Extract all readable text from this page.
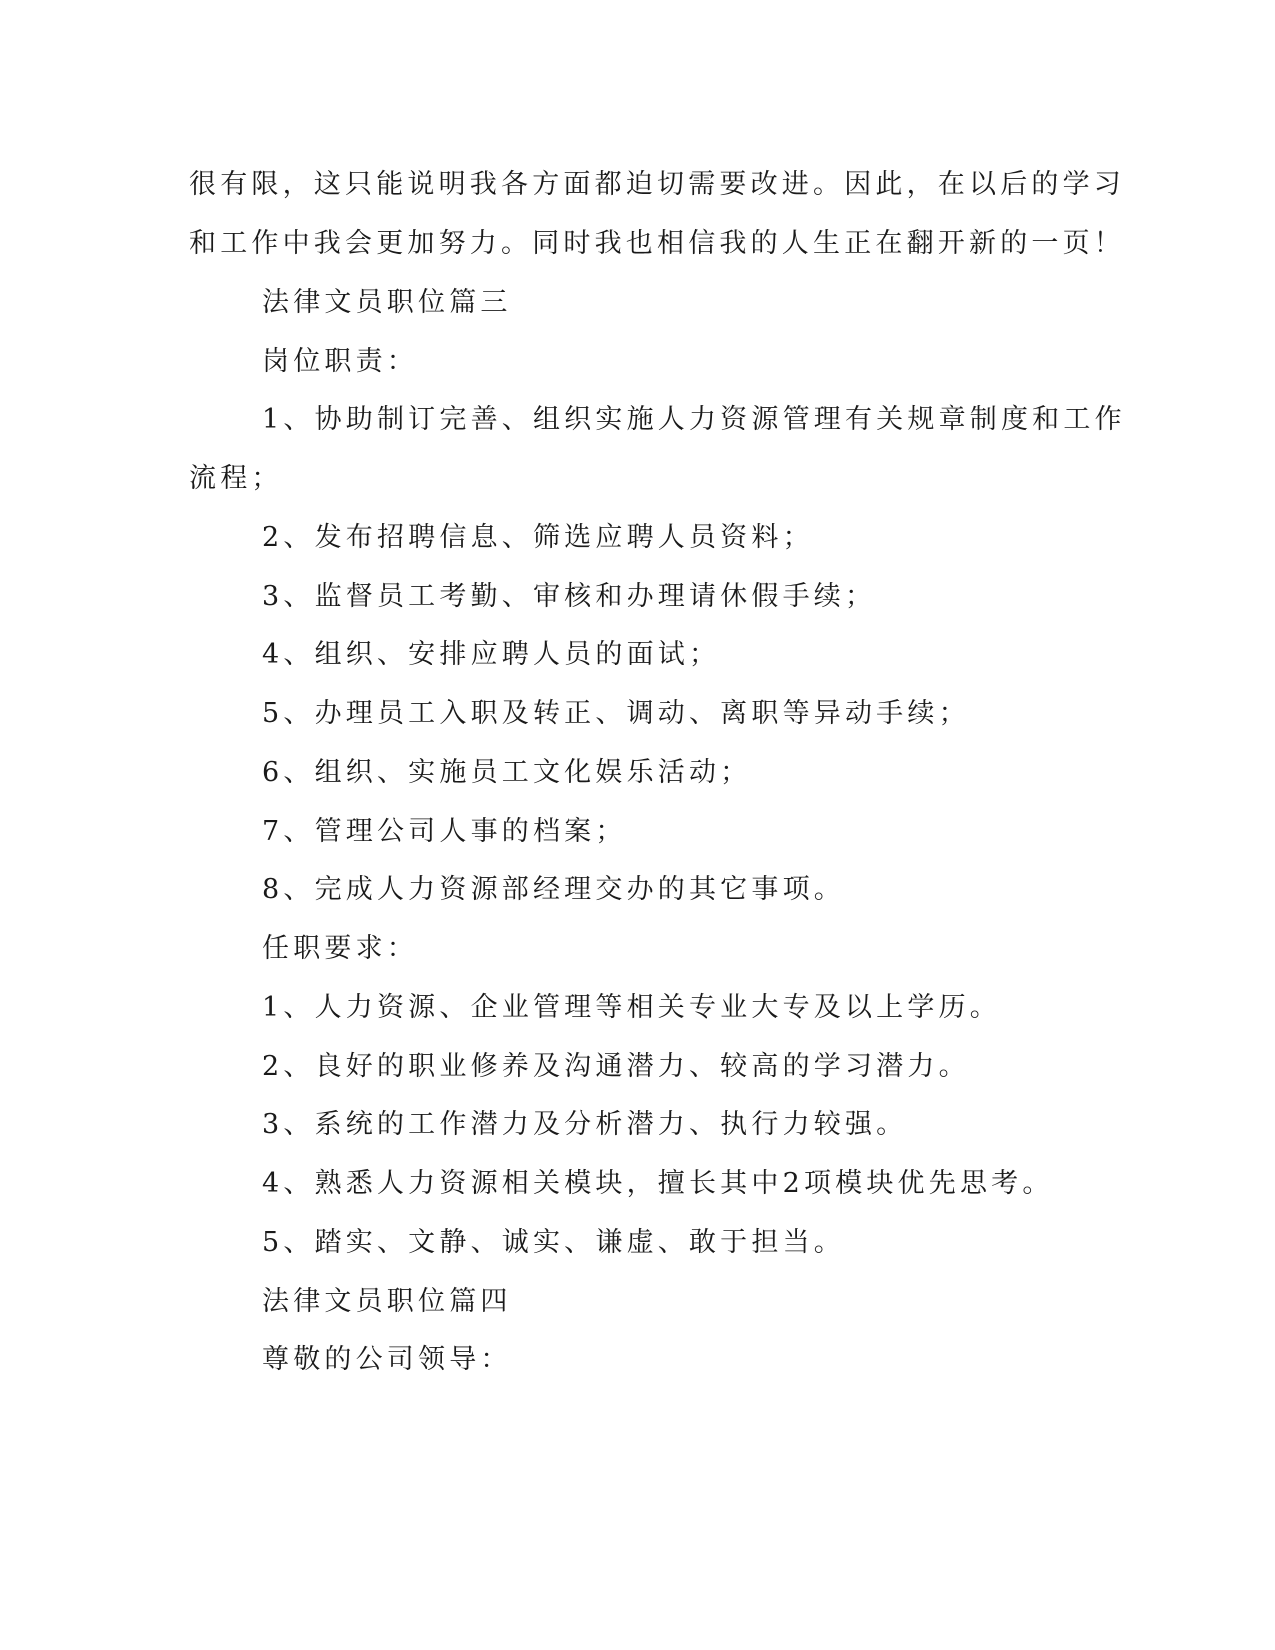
很有限，这只能说明我各方面都迫切需要改进。因此，在以后的学习
和工作中我会更加努力。同时我也相信我的人生正在翻开新的一页！
法律文员职位篇三
岗位职责：
1、协助制订完善、组织实施人力资源管理有关规章制度和工作
流程；
2、发布招聘信息、筛选应聘人员资料；
3、监督员工考勤、审核和办理请休假手续；
4、组织、安排应聘人员的面试；
5、办理员工入职及转正、调动、离职等异动手续；
6、组织、实施员工文化娱乐活动；
7、管理公司人事的档案；
8、完成人力资源部经理交办的其它事项。
任职要求：
1、人力资源、企业管理等相关专业大专及以上学历。
2、良好的职业修养及沟通潜力、较高的学习潜力。
3、系统的工作潜力及分析潜力、执行力较强。
4、熟悉人力资源相关模块，擅长其中2项模块优先思考。
5、踏实、文静、诚实、谦虚、敢于担当。
法律文员职位篇四
尊敬的公司领导：
